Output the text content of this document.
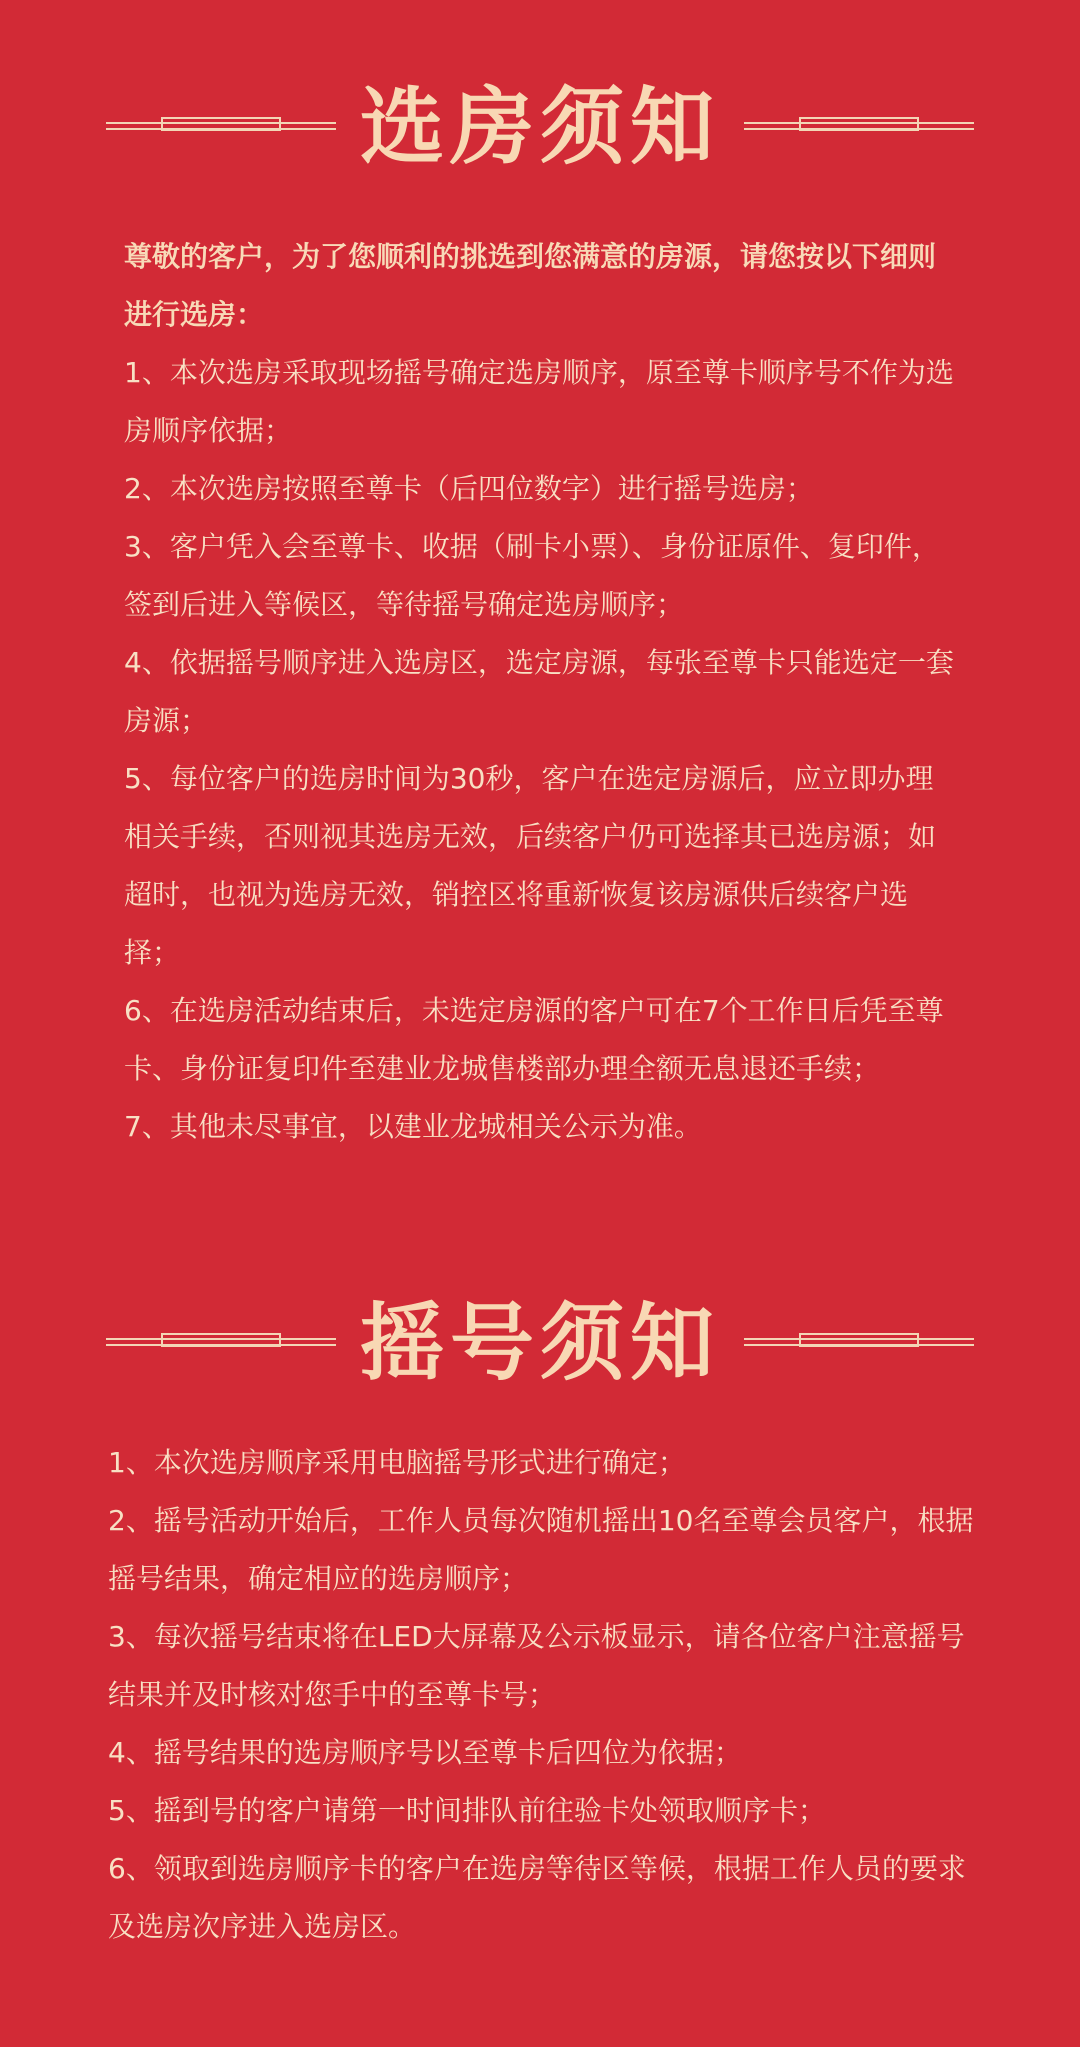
选房须知

尊敬的客户，为了您顺利的挑选到您满意的房源，请您按以下细则进行选房：

1、本次选房采取现场摇号确定选房顺序，原至尊卡顺序号不作为选房顺序依据；

2、本次选房按照至尊卡（后四位数字）进行摇号选房；

3、客户凭入会至尊卡、收据（刷卡小票）、身份证原件、复印件，签到后进入等候区，等待摇号确定选房顺序；

4、依据摇号顺序进入选房区，选定房源，每张至尊卡只能选定一套房源；

5、每位客户的选房时间为30秒，客户在选定房源后，应立即办理相关手续，否则视其选房无效，后续客户仍可选择其已选房源；如超时，也视为选房无效，销控区将重新恢复该房源供后续客户选择；

6、在选房活动结束后，未选定房源的客户可在7个工作日后凭至尊卡、身份证复印件至建业龙城售楼部办理全额无息退还手续；

7、其他未尽事宜，以建业龙城相关公示为准。

摇号须知

1、本次选房顺序采用电脑摇号形式进行确定；

2、摇号活动开始后，工作人员每次随机摇出10名至尊会员客户，根据摇号结果，确定相应的选房顺序；

3、每次摇号结束将在LED大屏幕及公示板显示，请各位客户注意摇号结果并及时核对您手中的至尊卡号；

4、摇号结果的选房顺序号以至尊卡后四位为依据；

5、摇到号的客户请第一时间排队前往验卡处领取顺序卡；

6、领取到选房顺序卡的客户在选房等待区等候，根据工作人员的要求及选房次序进入选房区。
